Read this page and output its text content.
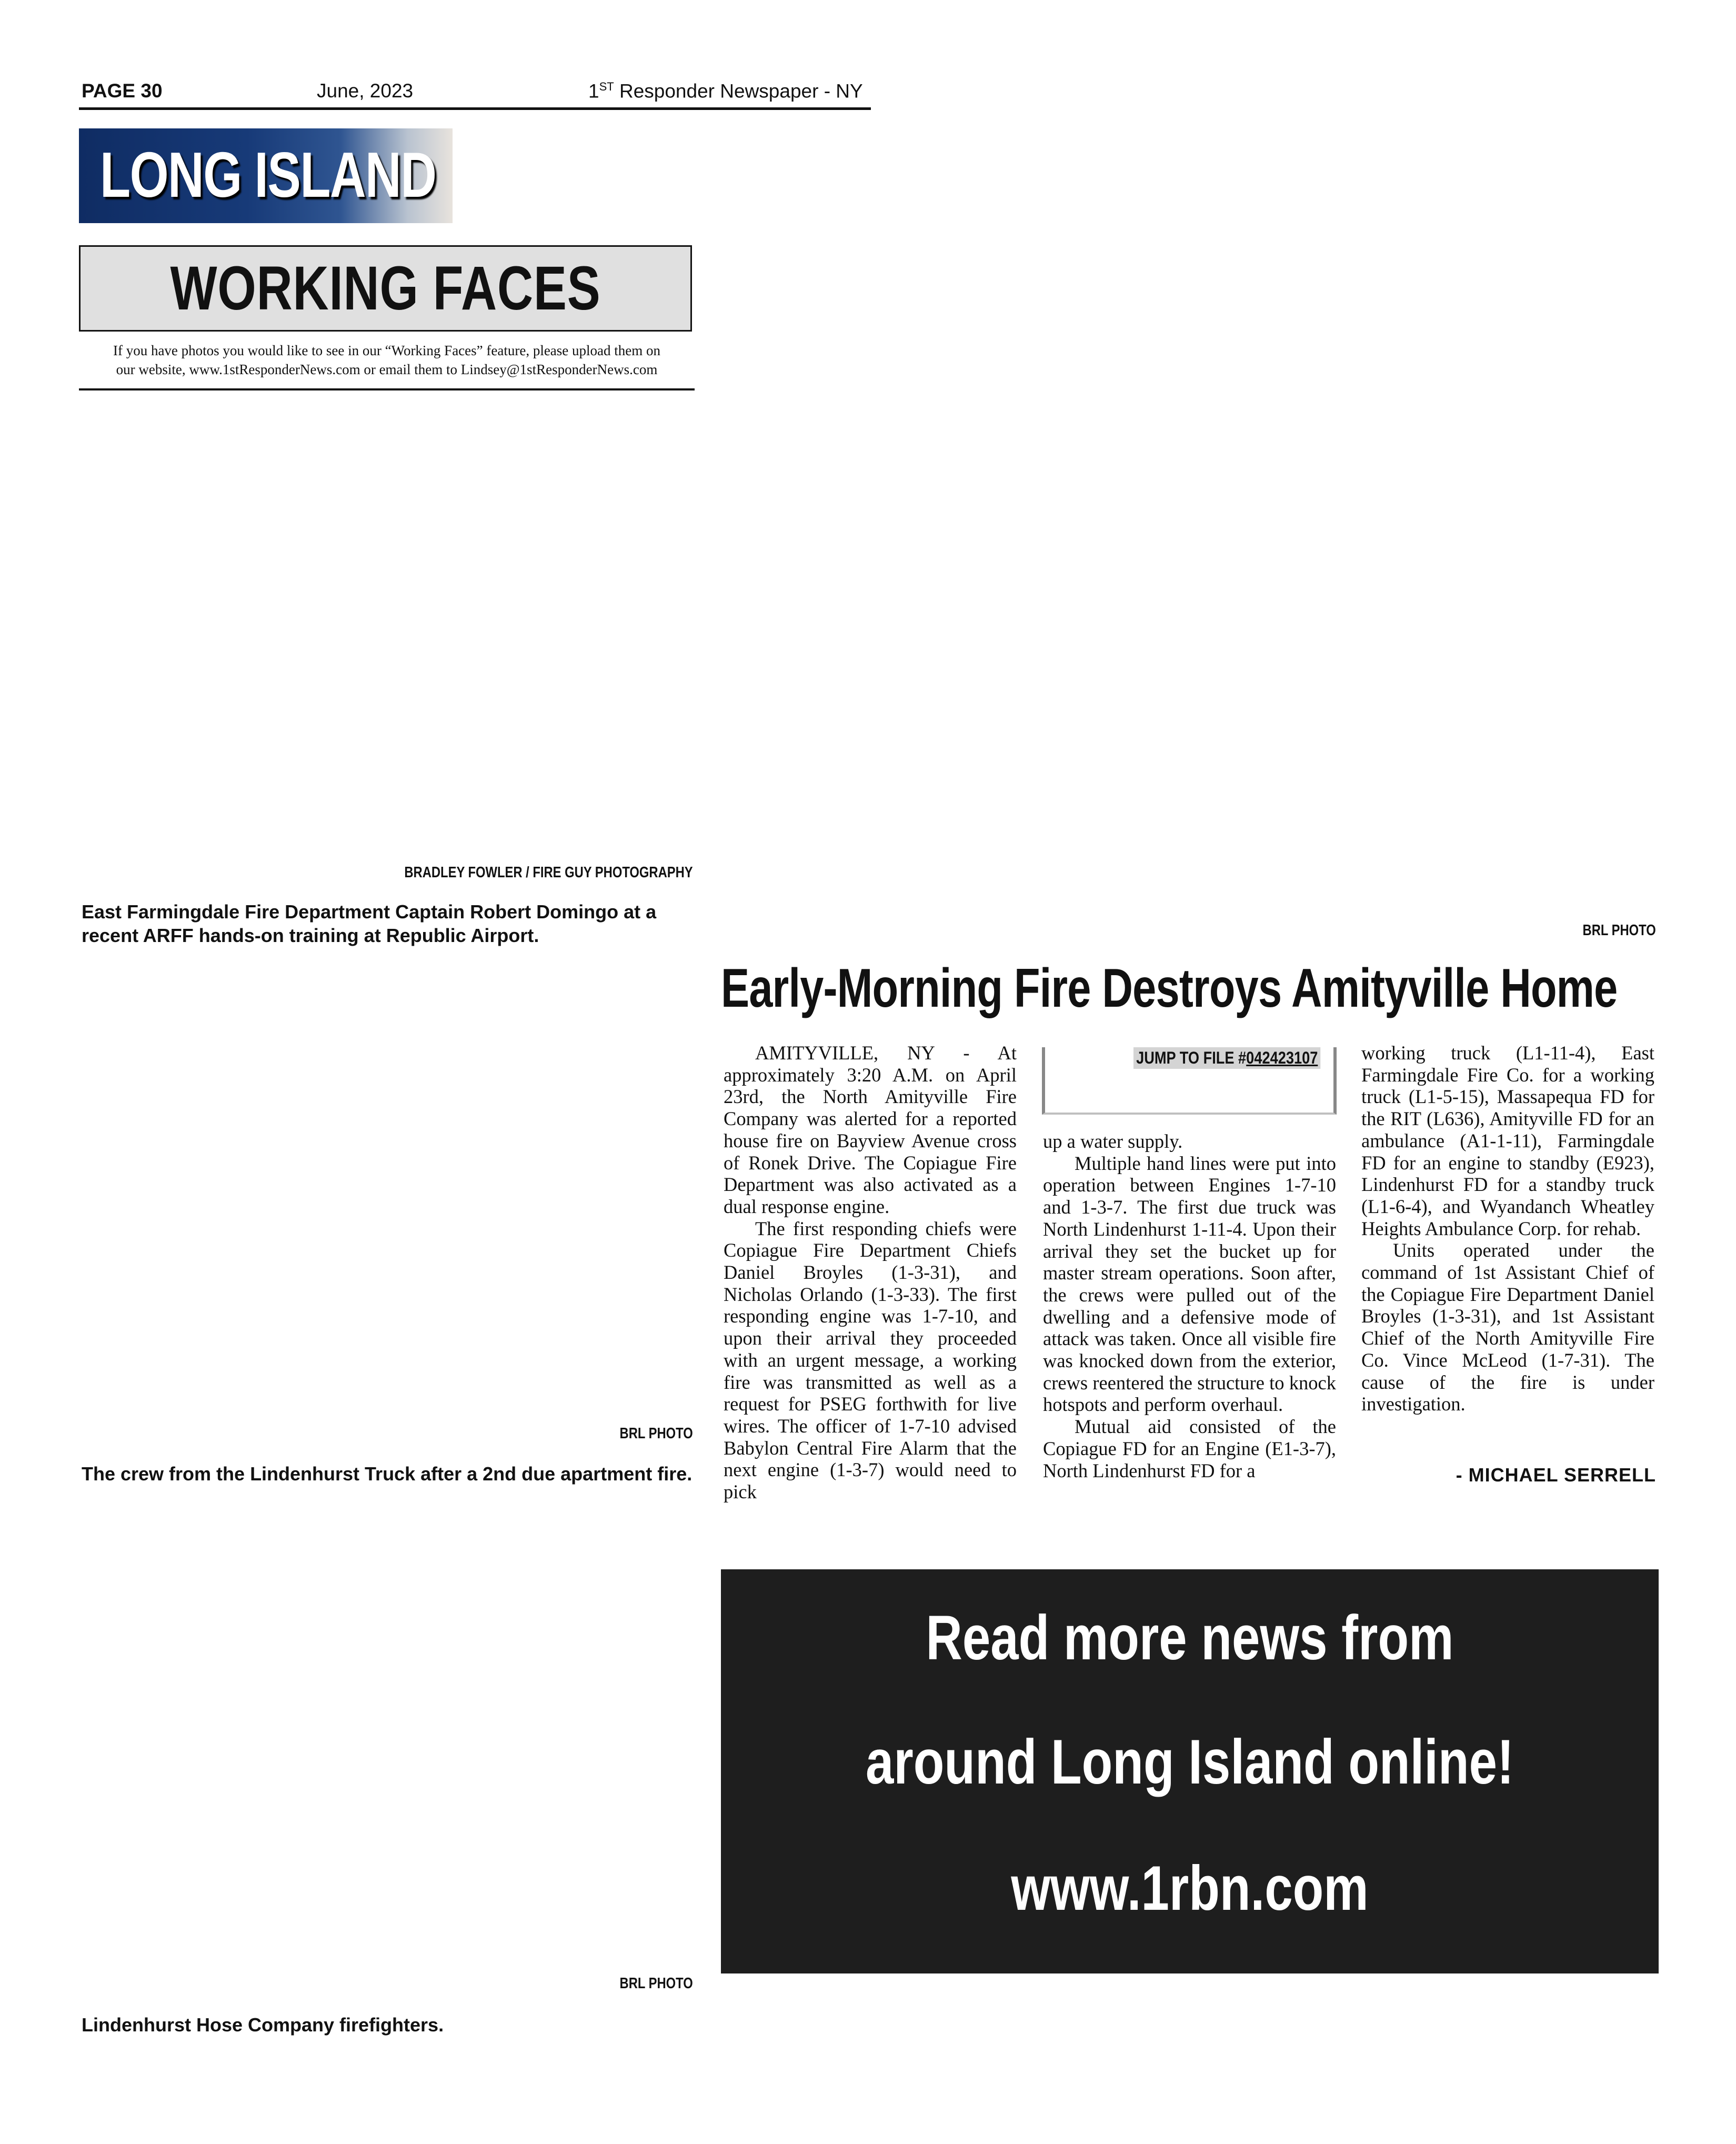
PAGE 30	June, 2023	1ST Responder Newspaper - NY
LONG ISLAND
WORKING FACES
If you have photos you would like to see in our “Working Faces” feature, please upload them on
our website, www.1stResponderNews.com or email them to Lindsey@1stResponderNews.com
BRADLEY FOWLER / FIRE GUY PHOTOGRAPHY
East Farmingdale Fire Department Captain Robert Domingo at a recent ARFF hands-on training at Republic Airport.
BRL PHOTO
The crew from the Lindenhurst Truck after a 2nd due apartment fire.
BRL PHOTO
Lindenhurst Hose Company firefighters.
BRL PHOTO
Early-Morning Fire Destroys Amityville Home

AMITYVILLE, NY - At approximately 3:20 A.M. on April 23rd, the North Amityville Fire Company was alerted for a reported house fire on Bayview Avenue cross of Ronek Drive. The Copiague Fire Department was also activated as a dual response engine.

The first responding chiefs were Copiague Fire Department Chiefs Daniel Broyles (1-3-31), and Nicholas Orlando (1-3-33). The first responding engine was 1-7-10, and upon their arrival they proceeded with an urgent message, a working fire was transmitted as well as a request for PSEG forthwith for live wires. The officer of 1-7-10 advised Babylon Central Fire Alarm that the next engine (1-3-7) would need to pick

JUMP TO FILE #042423107

up a water supply.

Multiple hand lines were put into operation between Engines 1-7-10 and 1-3-7. The first due truck was North Lindenhurst 1-11-4. Upon their arrival they set the bucket up for master stream operations. Soon after, the crews were pulled out of the dwelling and a defensive mode of attack was taken. Once all visible fire was knocked down from the exterior, crews reentered the structure to knock hotspots and perform overhaul.

Mutual aid consisted of the Copiague FD for an Engine (E1-3-7), North Lindenhurst FD for a

working truck (L1-11-4), East Farmingdale Fire Co. for a working truck (L1-5-15), Massapequa FD for the RIT (L636), Amityville FD for an ambulance (A1-1-11), Farmingdale FD for an engine to standby (E923), Lindenhurst FD for a standby truck (L1-6-4), and Wyandanch Wheatley Heights Ambulance Corp. for rehab.

Units operated under the command of 1st Assistant Chief of the Copiague Fire Department Daniel Broyles (1-3-31), and 1st Assistant Chief of the North Amityville Fire Co. Vince McLeod (1-7-31). The cause of the fire is under investigation.

- MICHAEL SERRELL
Read more news from
around Long Island online!
www.1rbn.com
